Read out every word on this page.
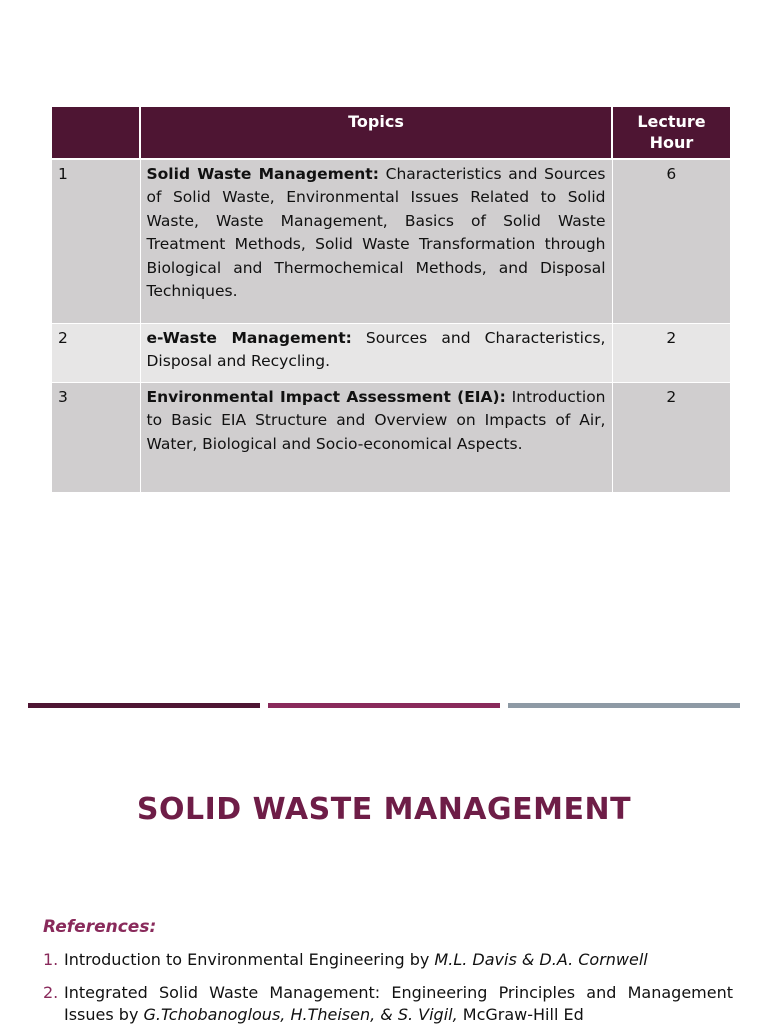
	Topics	Lecture Hour
1	Solid Waste Management: Characteristics and Sources of Solid Waste, Environmental Issues Related to Solid Waste, Waste Management, Basics of Solid Waste Treatment Methods, Solid Waste Transformation through Biological and Thermochemical Methods, and Disposal Techniques.	6
2	e-Waste Management: Sources and Characteristics, Disposal and Recycling.	2
3	Environmental Impact Assessment (EIA): Introduction to Basic EIA Structure and Overview on Impacts of Air, Water, Biological and Socio-economical Aspects.	2
SOLID WASTE MANAGEMENT
References:
1. Introduction to Environmental Engineering by M.L. Davis & D.A. Cornwell
2. Integrated Solid Waste Management: Engineering Principles and Management Issues by G.Tchobanoglous, H.Theisen, & S. Vigil, McGraw-Hill Ed
